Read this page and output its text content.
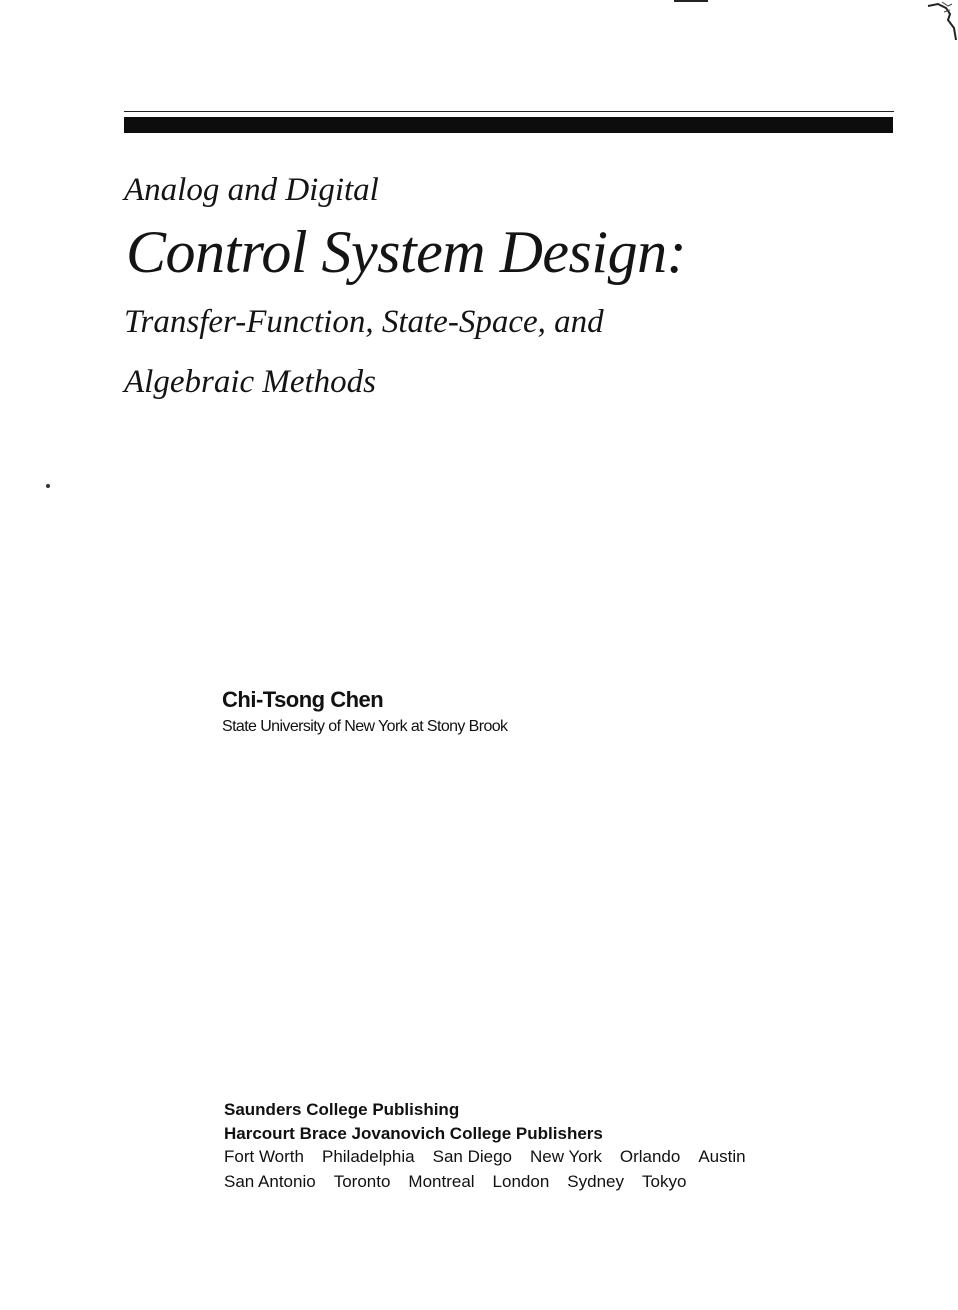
Analog and Digital
Control System Design:
Transfer-Function, State-Space, and
Algebraic Methods

Chi-Tsong Chen

State University of New York at Stony Brook

Saunders College Publishing

Harcourt Brace Jovanovich College Publishers

Fort Worth Philadelphia San Diego New York Orlando Austin
San Antonio Toronto Montreal London Sydney Tokyo
